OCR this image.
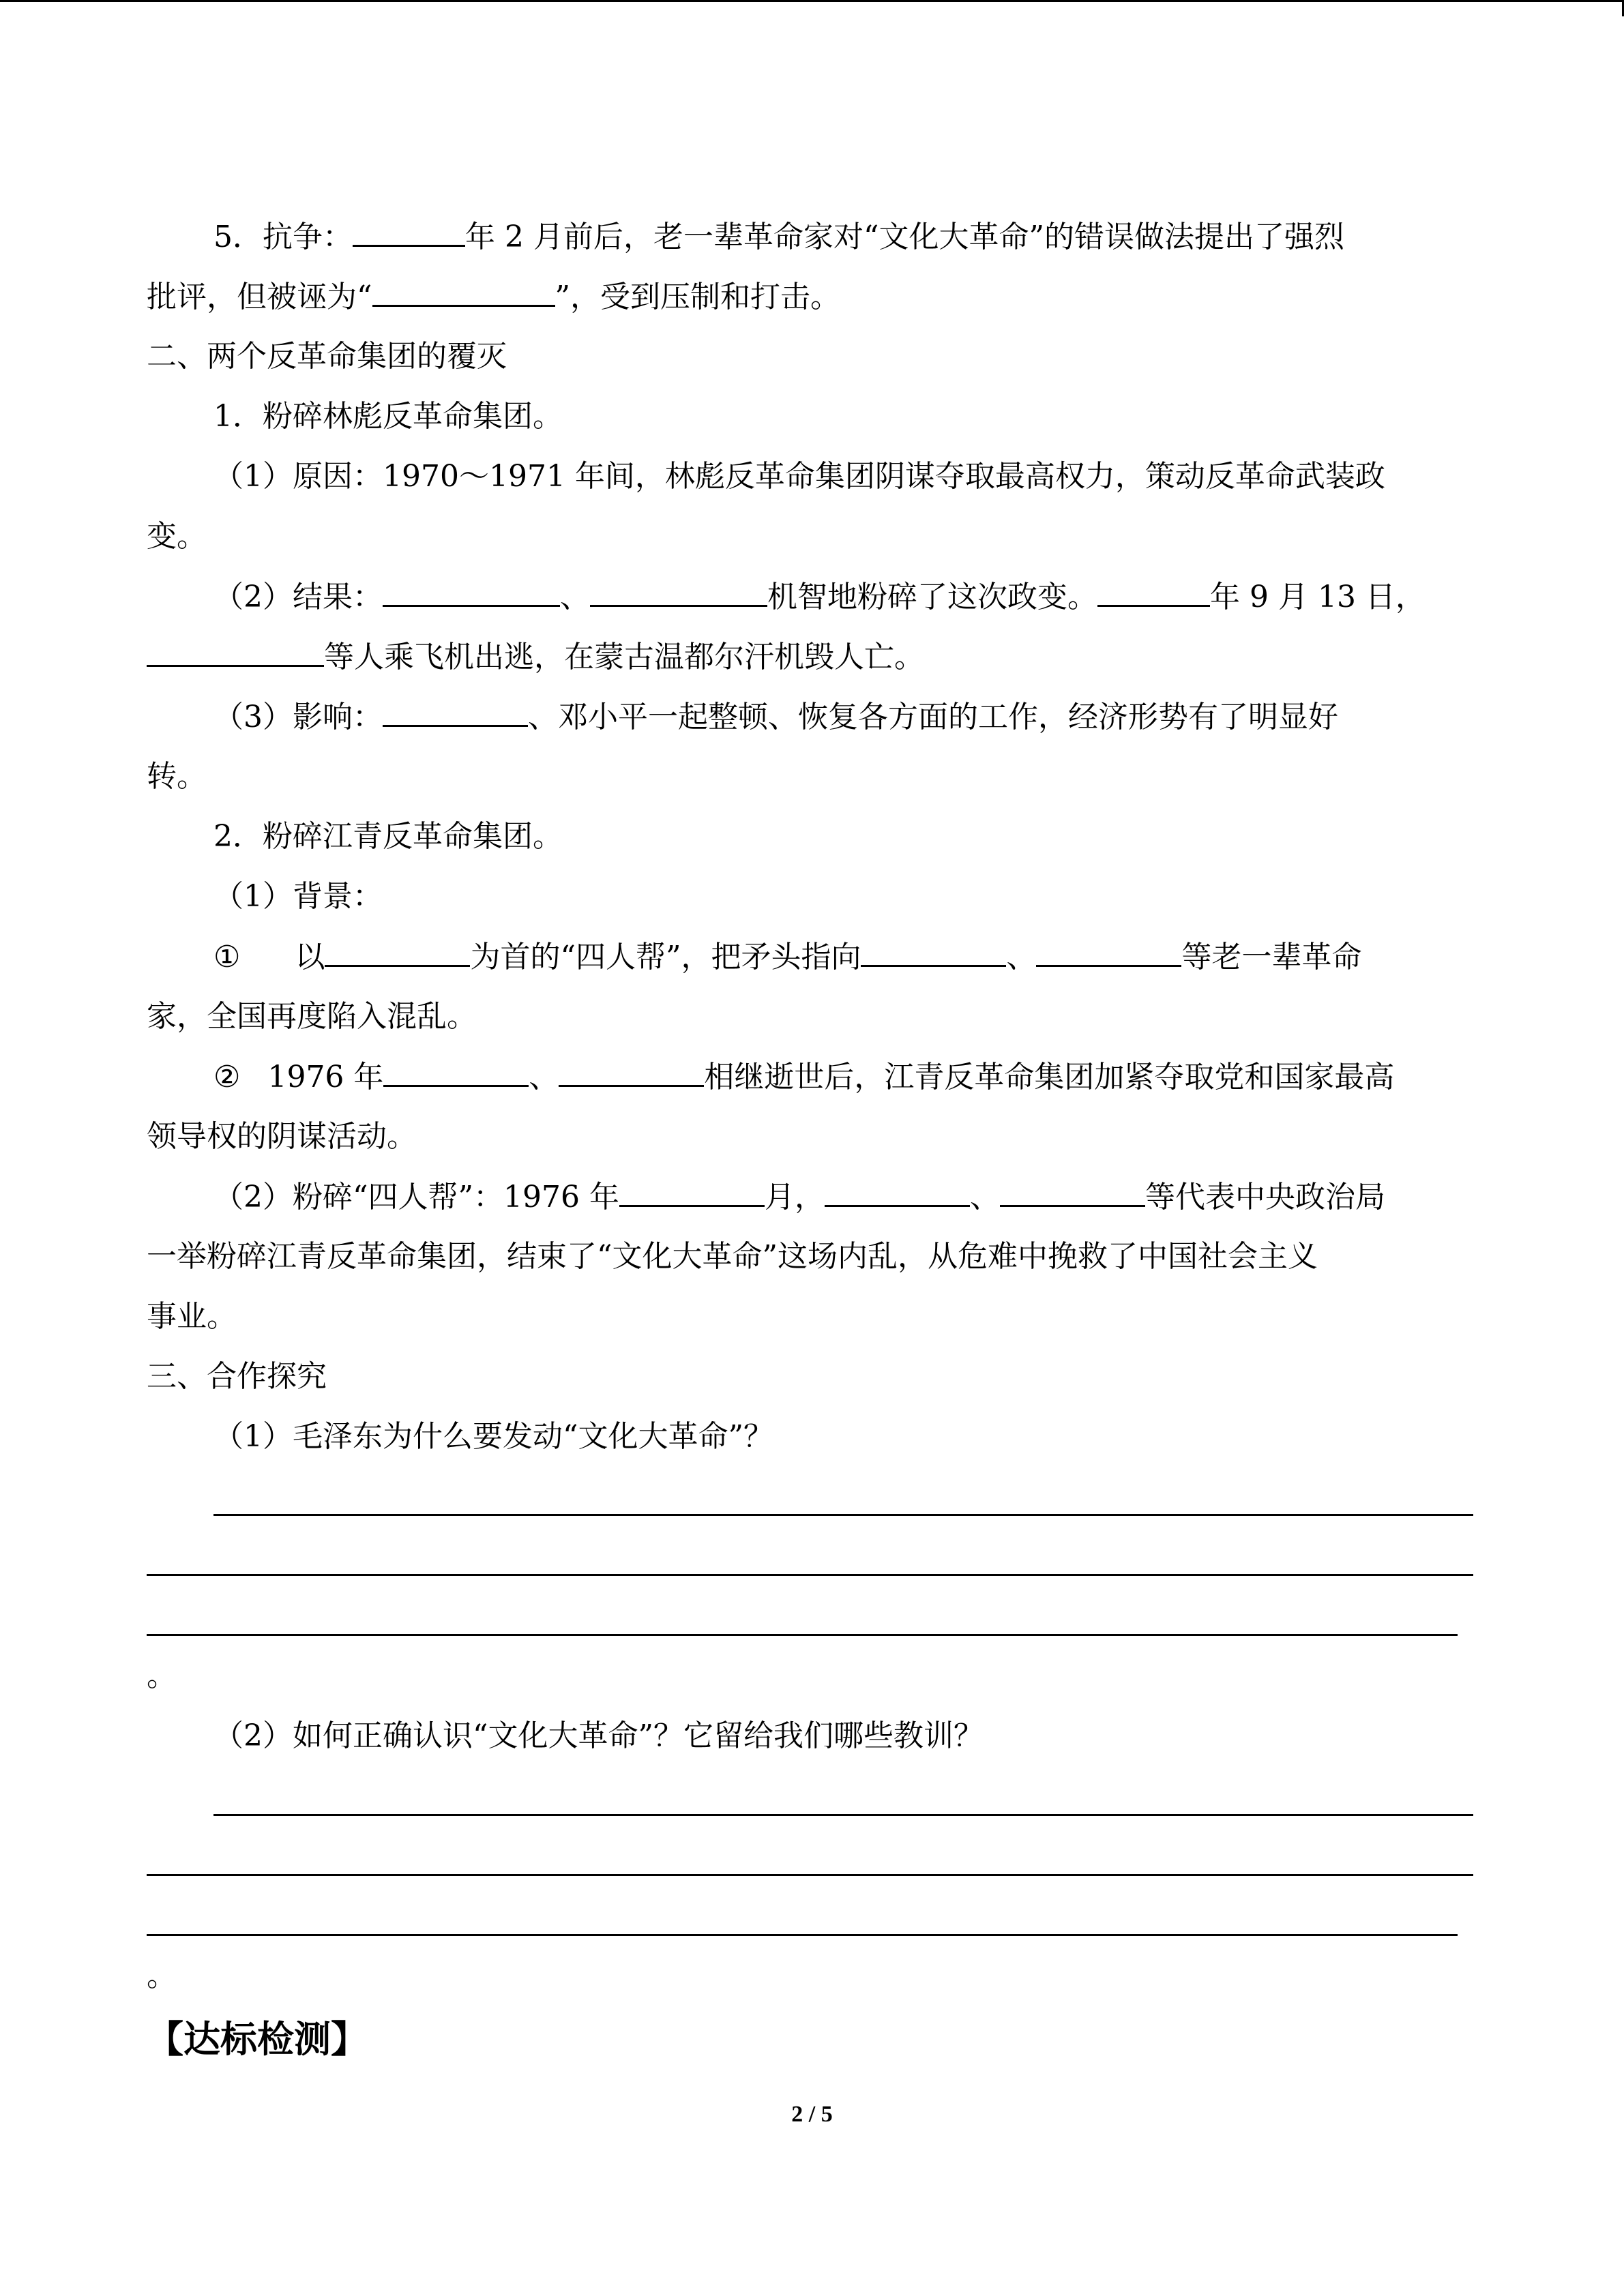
5．抗争：	年 2 月前后，老一辈革命家对“文化大革命”的错误做法提出了强烈
批评，但被诬为“	”，受到压制和打击。
二、两个反革命集团的覆灭
1．粉碎林彪反革命集团。
（1）原因：1970～1971 年间，林彪反革命集团阴谋夺取最高权力，策动反革命武装政
变。
（2）结果：	、	机智地粉碎了这次政变。	年 9 月 13 日，
等人乘飞机出逃，在蒙古温都尔汗机毁人亡。
（3）影响：	、邓小平一起整顿、恢复各方面的工作，经济形势有了明显好
转。
2．粉碎江青反革命集团。
（1）背景：
① 以	为首的“四人帮”，把矛头指向	、	等老一辈革命
家，全国再度陷入混乱。
② 1976 年	、	相继逝世后，江青反革命集团加紧夺取党和国家最高
领导权的阴谋活动。
（2）粉碎“四人帮”：1976 年	月，	、	等代表中央政治局
一举粉碎江青反革命集团，结束了“文化大革命”这场内乱，从危难中挽救了中国社会主义
事业。
三、合作探究
（1）毛泽东为什么要发动“文化大革命”？
。
（2）如何正确认识“文化大革命”？它留给我们哪些教训？
。
【达标检测】
2 / 5
